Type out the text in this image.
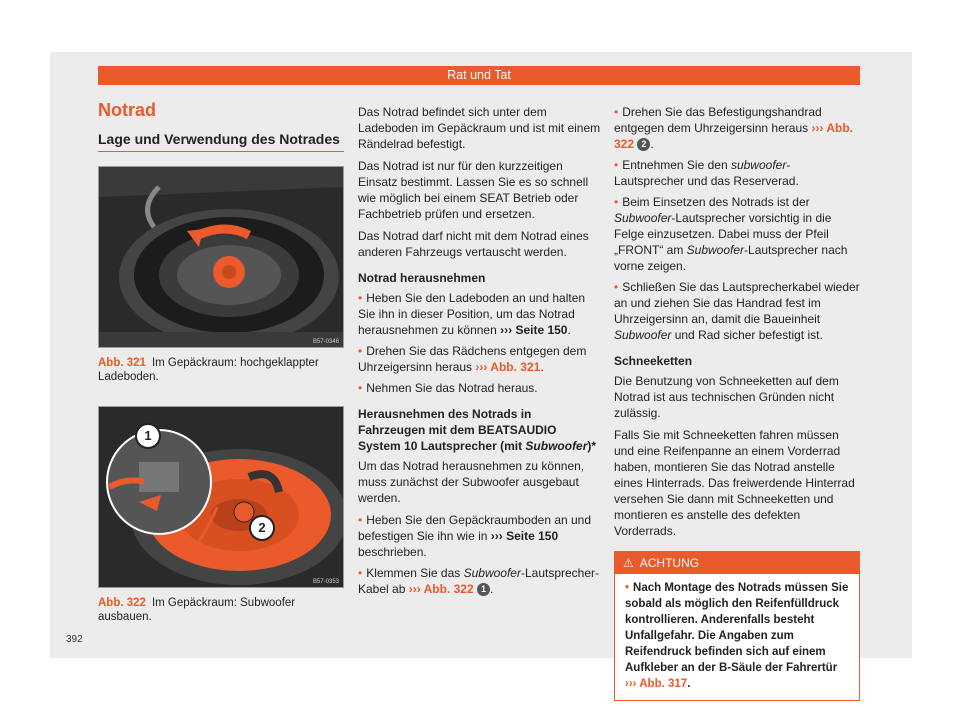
Rat und Tat
Notrad
Lage und Verwendung des Notrades
B57-0346
Abb. 321 Im Gepäckraum: hochgeklappter Ladeboden.
1
2
B57-0353
Abb. 322 Im Gepäckraum: Subwoofer ausbauen.

Das Notrad befindet sich unter dem Ladeboden im Gepäckraum und ist mit einem Rändelrad befestigt.

Das Notrad ist nur für den kurzzeitigen Einsatz bestimmt. Lassen Sie es so schnell wie möglich bei einem SEAT Betrieb oder Fachbetrieb prüfen und ersetzen.

Das Notrad darf nicht mit dem Notrad eines anderen Fahrzeugs vertauscht werden.

Notrad herausnehmen

• Heben Sie den Ladeboden an und halten Sie ihn in dieser Position, um das Notrad herausnehmen zu können ››› Seite 150.

• Drehen Sie das Rädchens entgegen dem Uhrzeigersinn heraus ››› Abb. 321.

• Nehmen Sie das Notrad heraus.

Herausnehmen des Notrads in Fahrzeugen mit dem BEATSAUDIO System 10 Lautsprecher (mit Subwoofer)*

Um das Notrad herausnehmen zu können, muss zunächst der Subwoofer ausgebaut werden.

• Heben Sie den Gepäckraumboden an und befestigen Sie ihn wie in ››› Seite 150 beschrieben.

• Klemmen Sie das Subwoofer-Lautsprecher-Kabel ab ››› Abb. 322 1 .

• Drehen Sie das Befestigungshandrad entgegen dem Uhrzeigersinn heraus ››› Abb. 322 2 .

• Entnehmen Sie den subwoofer-Lautsprecher und das Reserverad.

• Beim Einsetzen des Notrads ist der Subwoofer-Lautsprecher vorsichtig in die Felge einzusetzen. Dabei muss der Pfeil „FRONT“ am Subwoofer-Lautsprecher nach vorne zeigen.

• Schließen Sie das Lautsprecherkabel wieder an und ziehen Sie das Handrad fest im Uhrzeigersinn an, damit die Baueinheit Subwoofer und Rad sicher befestigt ist.

Schneeketten

Die Benutzung von Schneeketten auf dem Notrad ist aus technischen Gründen nicht zulässig.

Falls Sie mit Schneeketten fahren müssen und eine Reifenpanne an einem Vorderrad haben, montieren Sie das Notrad anstelle eines Hinterrads. Das freiwerdende Hinterrad versehen Sie dann mit Schneeketten und montieren es anstelle des defekten Vorderrads.

⚠ ACHTUNG
• Nach Montage des Notrads müssen Sie sobald als möglich den Reifenfülldruck kontrollieren. Anderenfalls besteht Unfallgefahr. Die Angaben zum Reifendruck befinden sich auf einem Aufkleber an der B-Säule der Fahrertür ››› Abb. 317.
392
